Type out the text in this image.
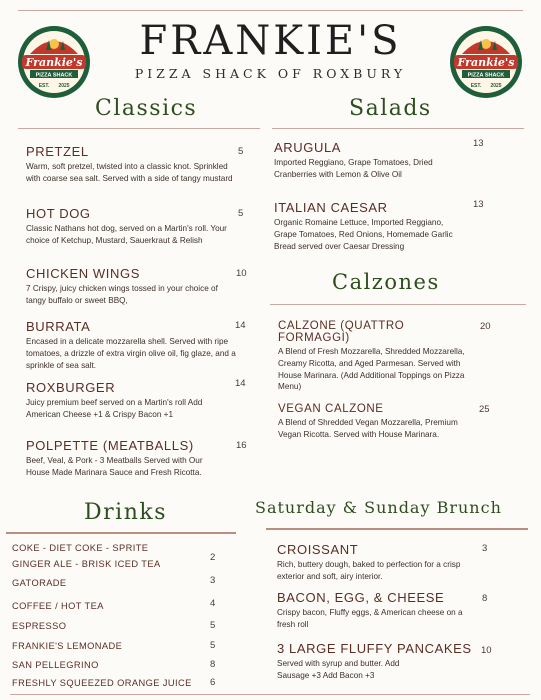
Frankie's
PIZZA SHACK
EST. 2025
Frankie's
PIZZA SHACK
EST. 2025
FRANKIE'S
PIZZA SHACK OF ROXBURY
Classics	Salads
PRETZEL
Warm, soft pretzel, twisted into a classic knot. Sprinkled with coarse sea salt. Served with a side of tangy mustard
5
HOT DOG
Classic Nathans hot dog, served on a Martin's roll. Your choice of Ketchup, Mustard, Sauerkraut & Relish
5
CHICKEN WINGS
7 Crispy, juicy chicken wings tossed in your choice of tangy buffalo or sweet BBQ,
10
BURRATA
Encased in a delicate mozzarella shell. Served with ripe tomatoes, a drizzle of extra virgin olive oil, fig glaze, and a sprinkle of sea salt.
14
ROXBURGER
Juicy premium beef served on a Martin's roll Add American Cheese +1 & Crispy Bacon +1
14
POLPETTE (MEATBALLS)
Beef, Veal, & Pork - 3 Meatballs Served with Our House Made Marinara Sauce and Fresh Ricotta.
16
ARUGULA
Imported Reggiano, Grape Tomatoes, Dried Cranberries with Lemon & Olive Oil
13
ITALIAN CAESAR
Organic Romaine Lettuce, Imported Reggiano, Grape Tomatoes, Red Onions, Homemade Garlic Bread served over Caesar Dressing
13
Calzones
CALZONE (QUATTRO FORMAGGI)
A Blend of Fresh Mozzarella, Shredded Mozzarella, Creamy Ricotta, and Aged Parmesan. Served with House Marinara. (Add Additional Toppings on Pizza Menu)
20
VEGAN CALZONE
A Blend of Shredded Vegan Mozzarella, Premium Vegan Ricotta. Served with House Marinara.
25
Drinks
COKE - DIET COKE - SPRITE
GINGER ALE - BRISK ICED TEA
2
GATORADE	3
COFFEE / HOT TEA	4
ESPRESSO	5
FRANKIE'S LEMONADE	5
SAN PELLEGRINO	8
FRESHLY SQUEEZED ORANGE JUICE 6
Saturday & Sunday Brunch
CROISSANT
Rich, buttery dough, baked to perfection for a crisp exterior and soft, airy interior.
3
BACON, EGG, & CHEESE
Crispy bacon, Fluffy eggs, & American cheese on a fresh roll
8
3 LARGE FLUFFY PANCAKES
Served with syrup and butter. Add Sausage +3 Add Bacon +3
10
